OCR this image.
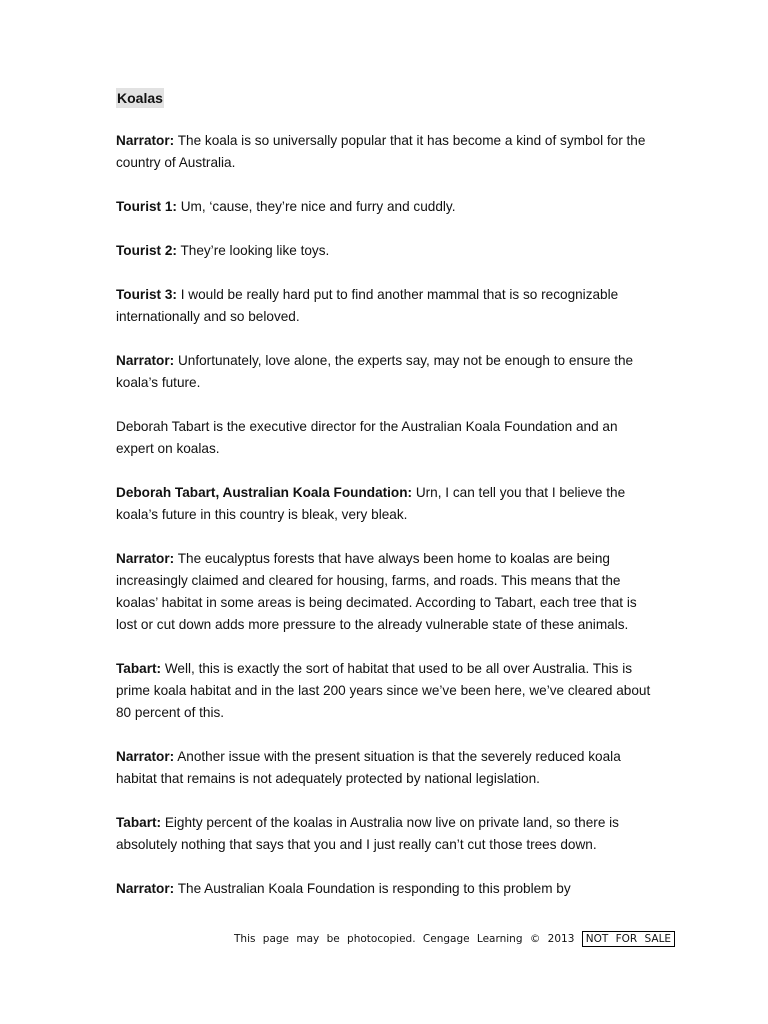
Koalas

Narrator: The koala is so universally popular that it has become a kind of symbol for the country of Australia.

Tourist 1: Um, ‘cause, they’re nice and furry and cuddly.

Tourist 2: They’re looking like toys.

Tourist 3: I would be really hard put to find another mammal that is so recognizable internationally and so beloved.

Narrator: Unfortunately, love alone, the experts say, may not be enough to ensure the koala’s future.

Deborah Tabart is the executive director for the Australian Koala Foundation and an expert on koalas.

Deborah Tabart, Australian Koala Foundation: Urn, I can tell you that I believe the koala’s future in this country is bleak, very bleak.

Narrator: The eucalyptus forests that have always been home to koalas are being increasingly claimed and cleared for housing, farms, and roads. This means that the koalas’ habitat in some areas is being decimated. According to Tabart, each tree that is lost or cut down adds more pressure to the already vulnerable state of these animals.

Tabart: Well, this is exactly the sort of habitat that used to be all over Australia. This is prime koala habitat and in the last 200 years since we’ve been here, we’ve cleared about 80 percent of this.

Narrator: Another issue with the present situation is that the severely reduced koala habitat that remains is not adequately protected by national legislation.

Tabart: Eighty percent of the koalas in Australia now live on private land, so there is absolutely nothing that says that you and I just really can’t cut those trees down.

Narrator: The Australian Koala Foundation is responding to this problem by

This page may be photocopied. Cengage Learning © 2013 NOT FOR SALE
